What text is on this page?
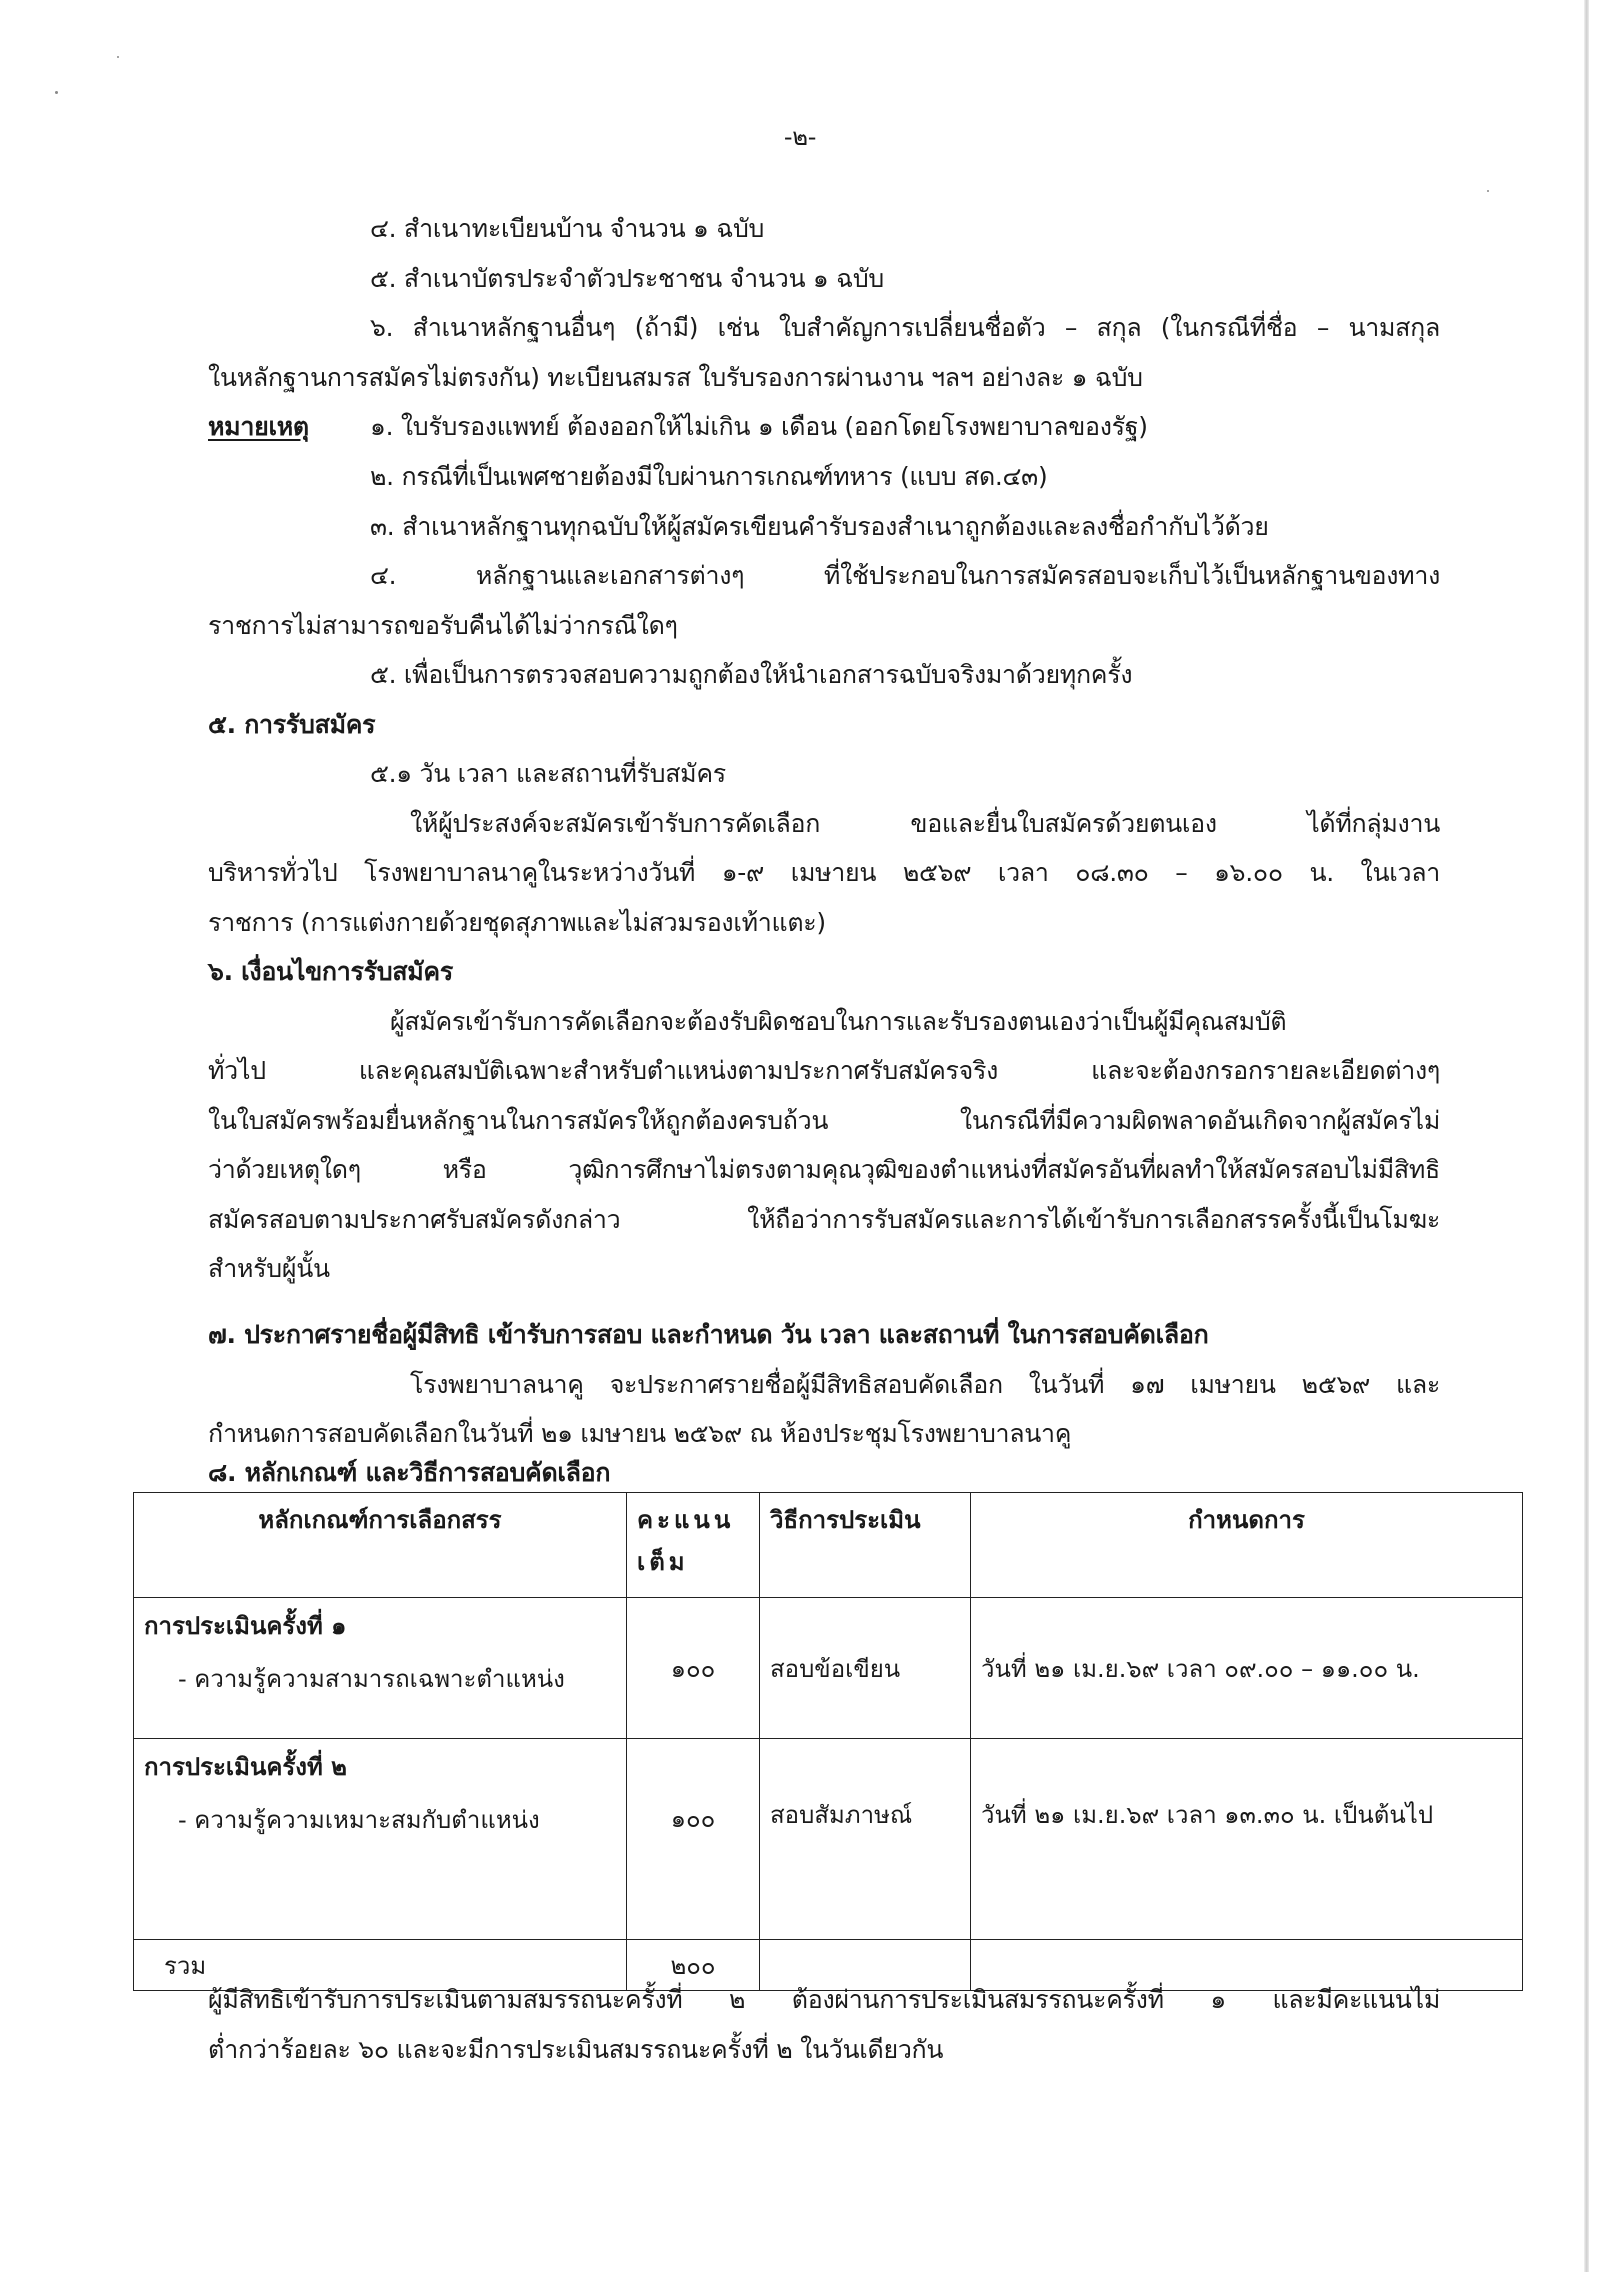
-๒-
๔. สำเนาทะเบียนบ้าน จำนวน ๑ ฉบับ
๕. สำเนาบัตรประจำตัวประชาชน จำนวน ๑ ฉบับ
๖. สำเนาหลักฐานอื่นๆ (ถ้ามี) เช่น ใบสำคัญการเปลี่ยนชื่อตัว – สกุล (ในกรณีที่ชื่อ – นามสกุล
ในหลักฐานการสมัครไม่ตรงกัน) ทะเบียนสมรส ใบรับรองการผ่านงาน ฯลฯ อย่างละ ๑ ฉบับ
หมายเหตุ ๑. ใบรับรองแพทย์ ต้องออกให้ไม่เกิน ๑ เดือน (ออกโดยโรงพยาบาลของรัฐ)
๒. กรณีที่เป็นเพศชายต้องมีใบผ่านการเกณฑ์ทหาร (แบบ สด.๔๓)
๓. สำเนาหลักฐานทุกฉบับให้ผู้สมัครเขียนคำรับรองสำเนาถูกต้องและลงชื่อกำกับไว้ด้วย
๔. หลักฐานและเอกสารต่างๆ ที่ใช้ประกอบในการสมัครสอบจะเก็บไว้เป็นหลักฐานของทาง
ราชการไม่สามารถขอรับคืนได้ไม่ว่ากรณีใดๆ
๕. เพื่อเป็นการตรวจสอบความถูกต้องให้นำเอกสารฉบับจริงมาด้วยทุกครั้ง
๕. การรับสมัคร
๕.๑ วัน เวลา และสถานที่รับสมัคร
ให้ผู้ประสงค์จะสมัครเข้ารับการคัดเลือก ขอและยื่นใบสมัครด้วยตนเอง ได้ที่กลุ่มงาน
บริหารทั่วไป โรงพยาบาลนาคูในระหว่างวันที่ ๑-๙ เมษายน ๒๕๖๙ เวลา ๐๘.๓๐ – ๑๖.๐๐ น. ในเวลา
ราชการ (การแต่งกายด้วยชุดสุภาพและไม่สวมรองเท้าแตะ)
๖. เงื่อนไขการรับสมัคร
ผู้สมัครเข้ารับการคัดเลือกจะต้องรับผิดชอบในการและรับรองตนเองว่าเป็นผู้มีคุณสมบัติ
ทั่วไป และคุณสมบัติเฉพาะสำหรับตำแหน่งตามประกาศรับสมัครจริง และจะต้องกรอกรายละเอียดต่างๆ
ในใบสมัครพร้อมยื่นหลักฐานในการสมัครให้ถูกต้องครบถ้วน ในกรณีที่มีความผิดพลาดอันเกิดจากผู้สมัครไม่
ว่าด้วยเหตุใดๆ หรือ วุฒิการศึกษาไม่ตรงตามคุณวุฒิของตำแหน่งที่สมัครอันที่ผลทำให้สมัครสอบไม่มีสิทธิ
สมัครสอบตามประกาศรับสมัครดังกล่าว ให้ถือว่าการรับสมัครและการได้เข้ารับการเลือกสรรครั้งนี้เป็นโมฆะ
สำหรับผู้นั้น
๗. ประกาศรายชื่อผู้มีสิทธิ เข้ารับการสอบ และกำหนด วัน เวลา และสถานที่ ในการสอบคัดเลือก
โรงพยาบาลนาคู จะประกาศรายชื่อผู้มีสิทธิสอบคัดเลือก ในวันที่ ๑๗ เมษายน ๒๕๖๙ และ
กำหนดการสอบคัดเลือกในวันที่ ๒๑ เมษายน ๒๕๖๙ ณ ห้องประชุมโรงพยาบาลนาคู
๘. หลักเกณฑ์ และวิธีการสอบคัดเลือก
หลักเกณฑ์การเลือกสรร	คะแนน เต็ม	วิธีการประเมิน	กำหนดการ

การประเมินครั้งที่ ๑
- ความรู้ความสามารถเฉพาะตำแหน่ง	๑๐๐	สอบข้อเขียน	วันที่ ๒๑ เม.ย.๖๙ เวลา ๐๙.๐๐ – ๑๑.๐๐ น.

การประเมินครั้งที่ ๒
- ความรู้ความเหมาะสมกับตำแหน่ง	๑๐๐	สอบสัมภาษณ์	วันที่ ๒๑ เม.ย.๖๙ เวลา ๑๓.๓๐ น. เป็นต้นไป
รวม	๒๐๐		
ผู้มีสิทธิเข้ารับการประเมินตามสมรรถนะครั้งที่ ๒ ต้องผ่านการประเมินสมรรถนะครั้งที่ ๑ และมีคะแนนไม่
ต่ำกว่าร้อยละ ๖๐ และจะมีการประเมินสมรรถนะครั้งที่ ๒ ในวันเดียวกัน
